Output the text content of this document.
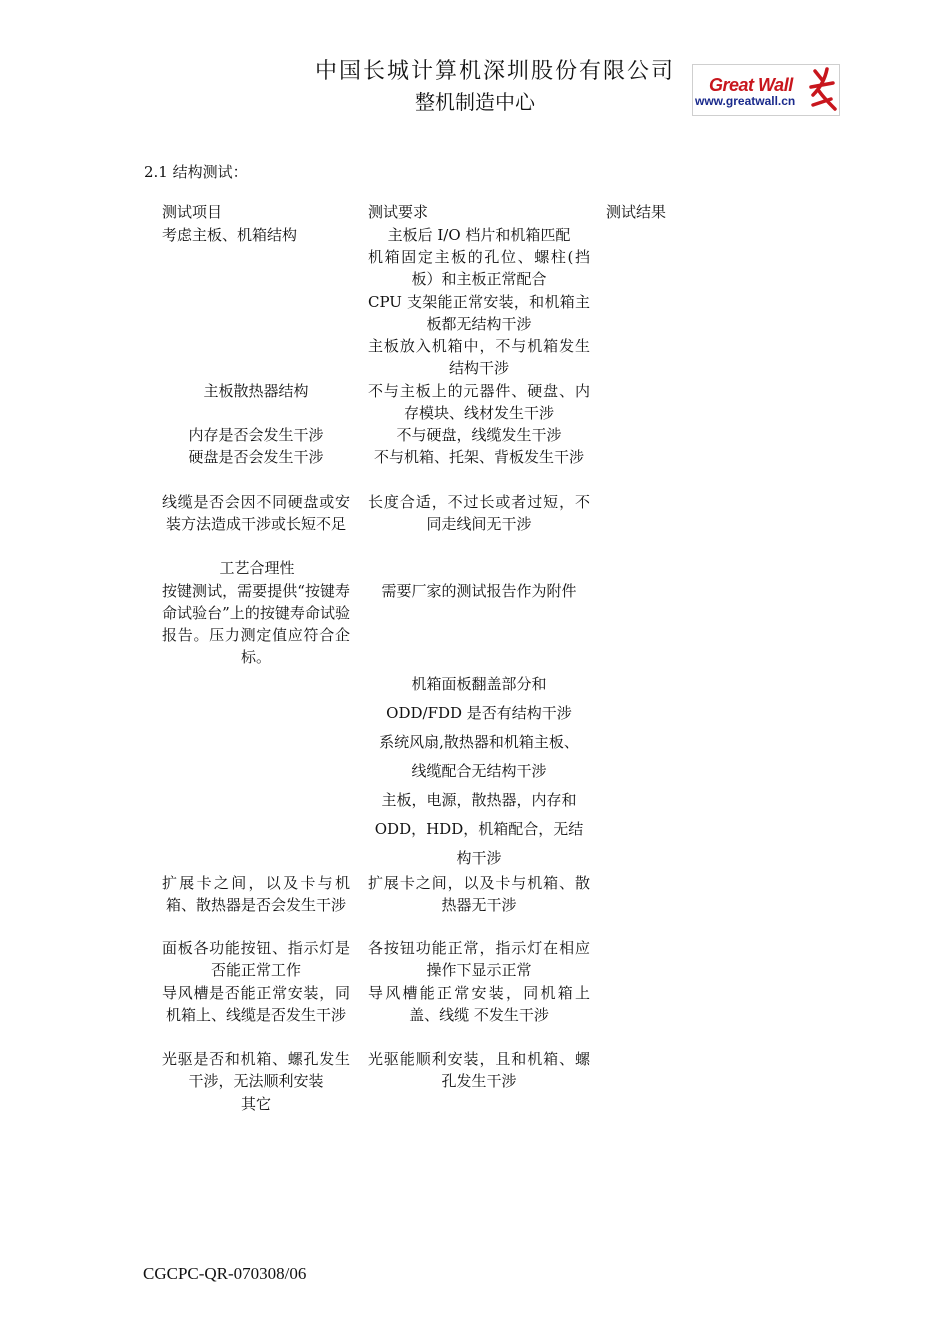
中国长城计算机深圳股份有限公司
整机制造中心
Great Wall
www.greatwall.cn
2.1 结构测试：
测试项目	测试要求	测试结果
考虑主板、机箱结构
主板散热器结构
内存是否会发生干涉
硬盘是否会发生干涉
线缆是否会因不同硬盘或安装方法造成干涉或长短不足
工艺合理性
按键测试，需要提供“按键寿命试验台”上的按键寿命试验报告。压力测定值应符合企标。
扩展卡之间，以及卡与机箱、散热器是否会发生干涉
面板各功能按钮、指示灯是否能正常工作
导风槽是否能正常安装，同机箱上、线缆是否发生干涉
光驱是否和机箱、螺孔发生干涉，无法顺利安装
其它
主板后 I/O 档片和机箱匹配
机箱固定主板的孔位、螺柱(挡板）和主板正常配合
CPU 支架能正常安装，和机箱主板都无结构干涉
主板放入机箱中，不与机箱发生结构干涉
不与主板上的元器件、硬盘、内存模块、线材发生干涉
不与硬盘，线缆发生干涉
不与机箱、托架、背板发生干涉
长度合适，不过长或者过短，不同走线间无干涉
需要厂家的测试报告作为附件
机箱面板翻盖部分和
ODD/FDD 是否有结构干涉
系统风扇,散热器和机箱主板、
线缆配合无结构干涉
主板，电源，散热器，内存和
ODD，HDD，机箱配合，无结
构干涉
扩展卡之间，以及卡与机箱、散热器无干涉
各按钮功能正常，指示灯在相应操作下显示正常
导风槽能正常安装，同机箱上盖、线缆 不发生干涉
光驱能顺利安装，且和机箱、螺孔发生干涉
CGCPC-QR-070308/06
